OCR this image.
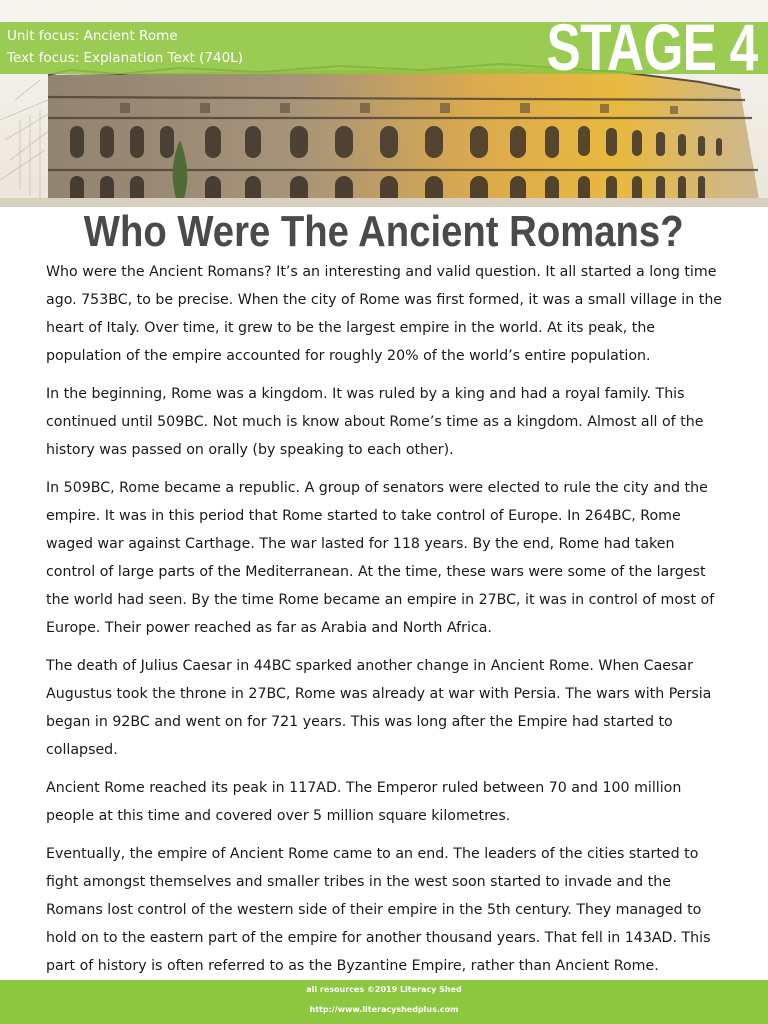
Unit focus: Ancient Rome
Text focus: Explanation Text (740L)	STAGE 4
Who Were The Ancient Romans?

Who were the Ancient Romans? It’s an interesting and valid question. It all started a long time ago. 753BC, to be precise. When the city of Rome was first formed, it was a small village in the heart of Italy. Over time, it grew to be the largest empire in the world. At its peak, the population of the empire accounted for roughly 20% of the world’s entire population.

In the beginning, Rome was a kingdom. It was ruled by a king and had a royal family. This continued until 509BC. Not much is know about Rome’s time as a kingdom. Almost all of the history was passed on orally (by speaking to each other).

In 509BC, Rome became a republic. A group of senators were elected to rule the city and the empire. It was in this period that Rome started to take control of Europe. In 264BC, Rome waged war against Carthage. The war lasted for 118 years. By the end, Rome had taken control of large parts of the Mediterranean. At the time, these wars were some of the largest the world had seen. By the time Rome became an empire in 27BC, it was in control of most of Europe. Their power reached as far as Arabia and North Africa.

The death of Julius Caesar in 44BC sparked another change in Ancient Rome. When Caesar Augustus took the throne in 27BC, Rome was already at war with Persia. The wars with Persia began in 92BC and went on for 721 years. This was long after the Empire had started to collapsed.

Ancient Rome reached its peak in 117AD. The Emperor ruled between 70 and 100 million people at this time and covered over 5 million square kilometres.

Eventually, the empire of Ancient Rome came to an end. The leaders of the cities started to fight amongst themselves and smaller tribes in the west soon started to invade and the Romans lost control of the western side of their empire in the 5th century. They managed to hold on to the eastern part of the empire for another thousand years. That fell in 143AD. This part of history is often referred to as the Byzantine Empire, rather than Ancient Rome.

all resources ©2019 Literacy Shed
http://www.literacyshedplus.com
